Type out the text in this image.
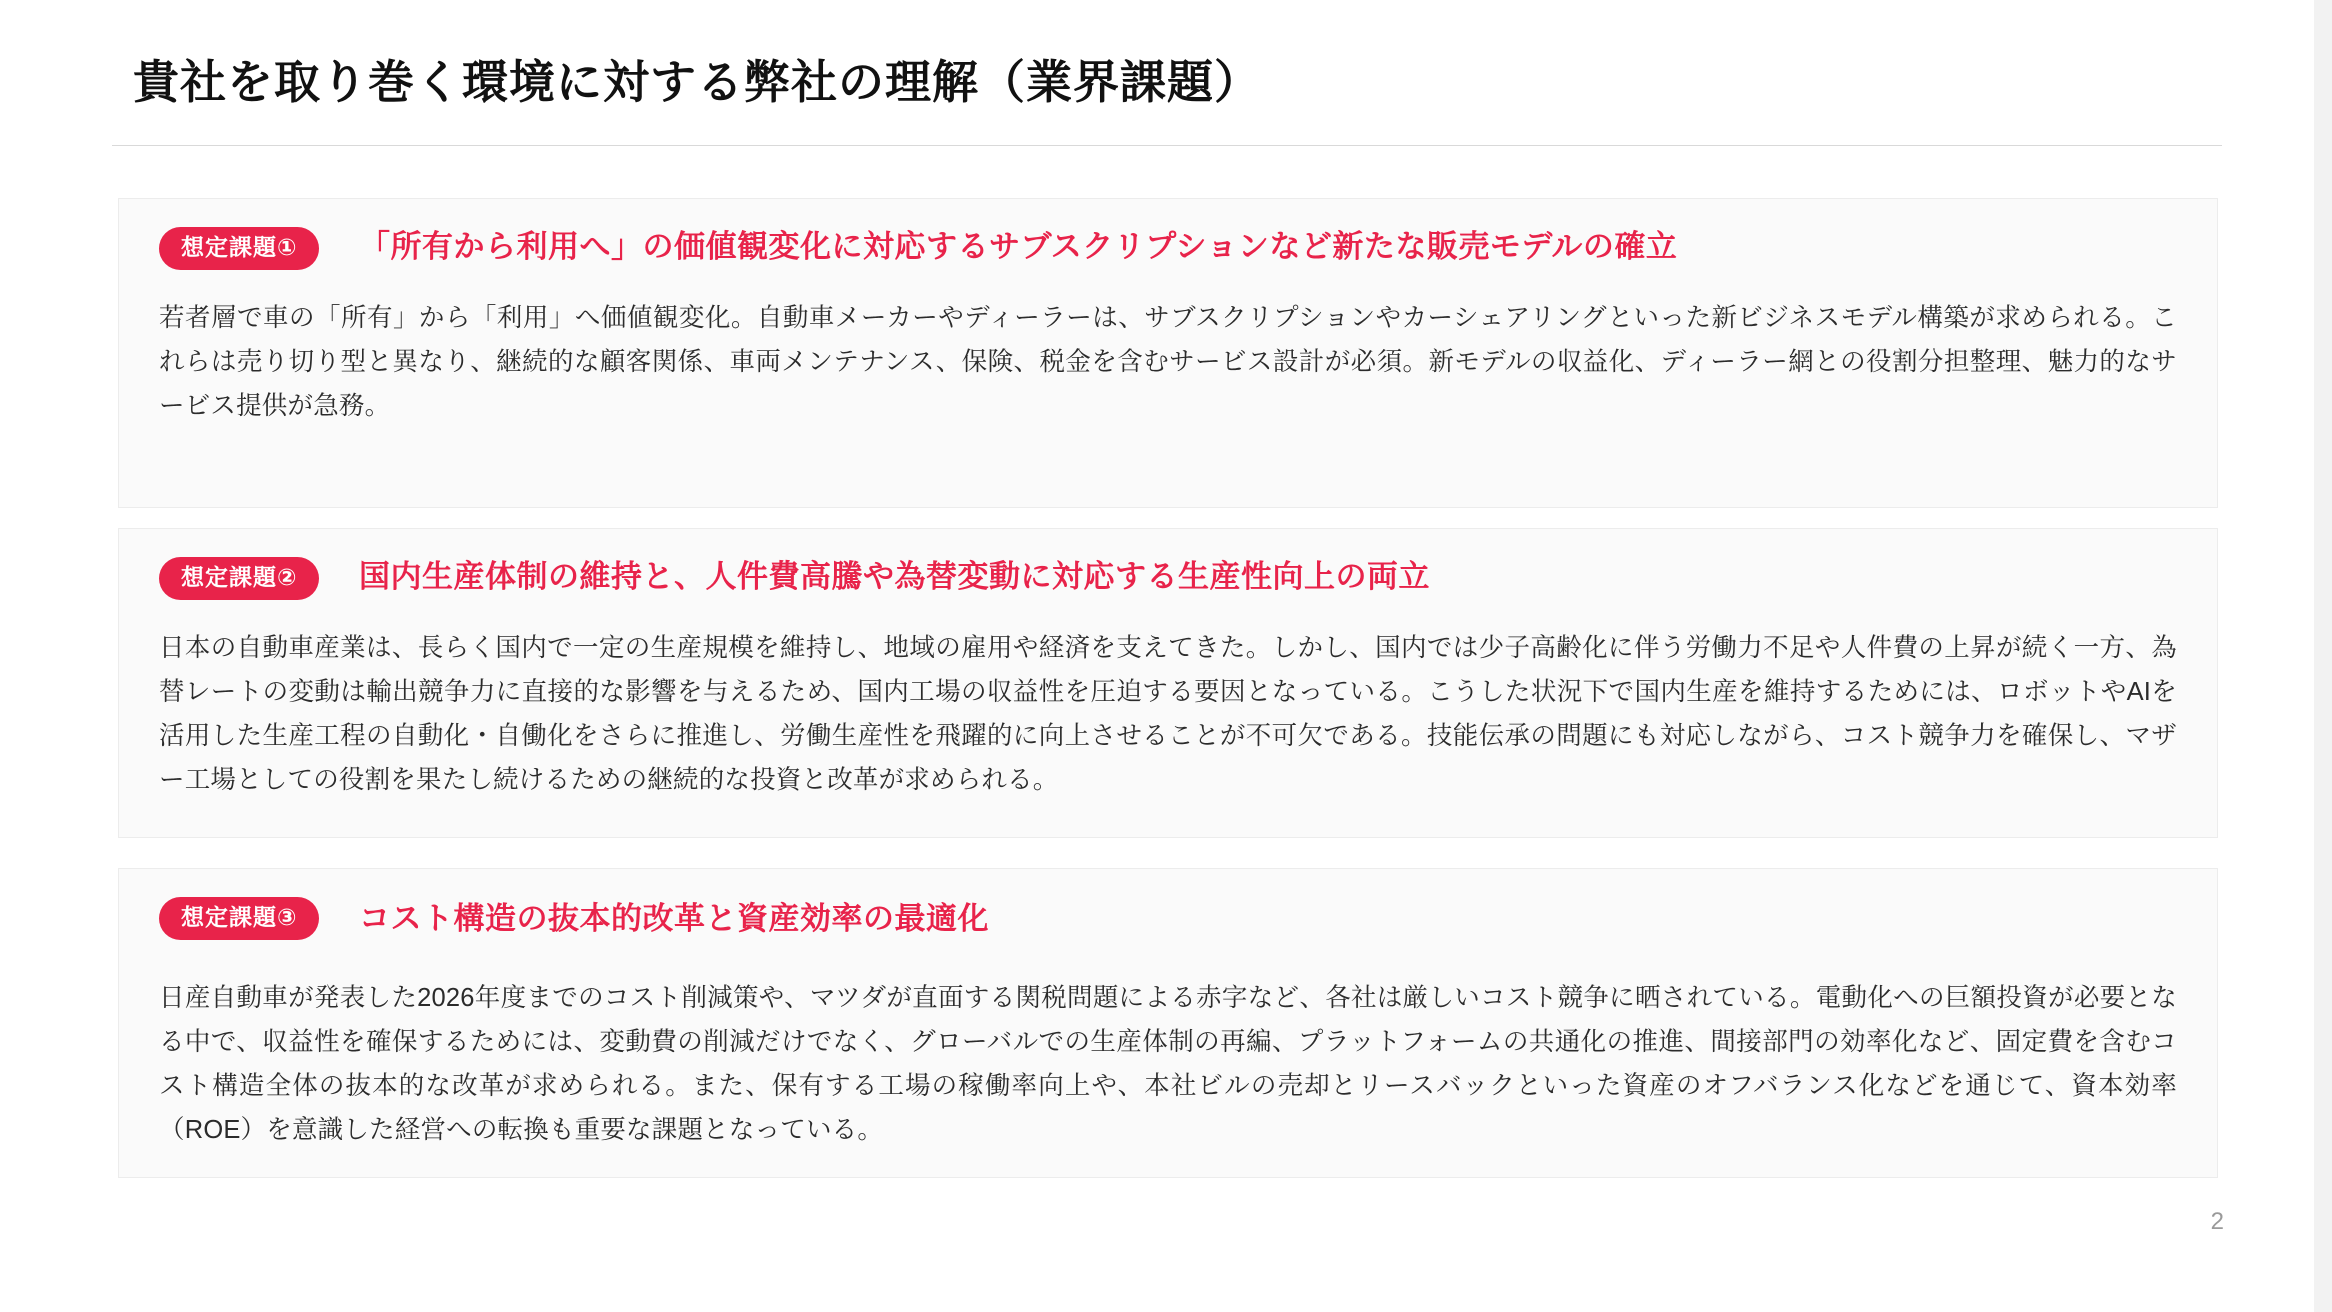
貴社を取り巻く環境に対する弊社の理解（業界課題）
想定課題①	「所有から利用へ」の価値観変化に対応するサブスクリプションなど新たな販売モデルの確立
若者層で車の「所有」から「利用」へ価値観変化。自動車メーカーやディーラーは、サブスクリプションやカーシェアリングといった新ビジネスモデル構築が求められる。これらは売り切り型と異なり、継続的な顧客関係、車両メンテナンス、保険、税金を含むサービス設計が必須。新モデルの収益化、ディーラー網との役割分担整理、魅力的なサービス提供が急務。
想定課題②	国内生産体制の維持と、人件費高騰や為替変動に対応する生産性向上の両立
日本の自動車産業は、長らく国内で一定の生産規模を維持し、地域の雇用や経済を支えてきた。しかし、国内では少子高齢化に伴う労働力不足や人件費の上昇が続く一方、為替レートの変動は輸出競争力に直接的な影響を与えるため、国内工場の収益性を圧迫する要因となっている。こうした状況下で国内生産を維持するためには、ロボットやAIを活用した生産工程の自動化・自働化をさらに推進し、労働生産性を飛躍的に向上させることが不可欠である。技能伝承の問題にも対応しながら、コスト競争力を確保し、マザー工場としての役割を果たし続けるための継続的な投資と改革が求められる。
想定課題③	コスト構造の抜本的改革と資産効率の最適化
日産自動車が発表した2026年度までのコスト削減策や、マツダが直面する関税問題による赤字など、各社は厳しいコスト競争に晒されている。電動化への巨額投資が必要となる中で、収益性を確保するためには、変動費の削減だけでなく、グローバルでの生産体制の再編、プラットフォームの共通化の推進、間接部門の効率化など、固定費を含むコスト構造全体の抜本的な改革が求められる。また、保有する工場の稼働率向上や、本社ビルの売却とリースバックといった資産のオフバランス化などを通じて、資本効率（ROE）を意識した経営への転換も重要な課題となっている。
2
